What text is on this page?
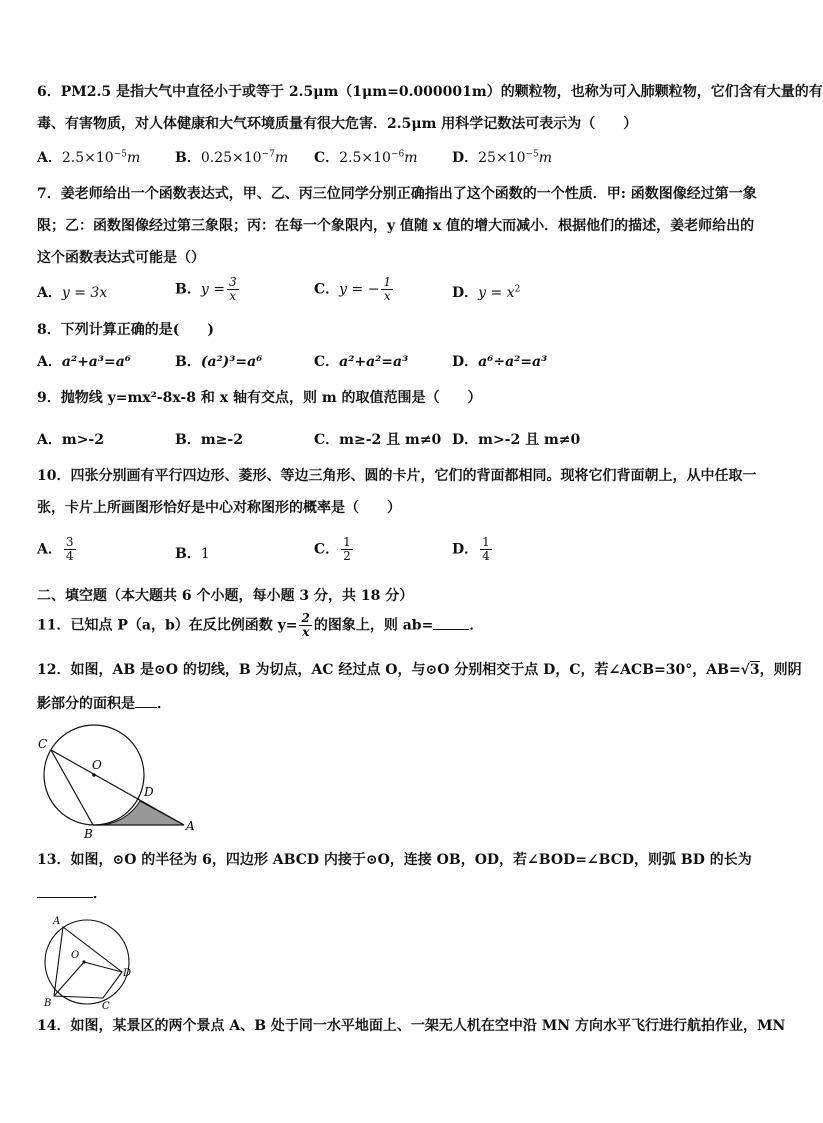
6．PM2.5 是指大气中直径小于或等于 2.5μm（1μm=0.000001m）的颗粒物，也称为可入肺颗粒物，它们含有大量的有
毒、有害物质，对人体健康和大气环境质量有很大危害．2.5μm 用科学记数法可表示为（　　）
A．$2.5\times 10^{-5}m$ B．$0.25\times 10^{-7}m$ C．$2.5\times 10^{-6}m$ D．$25\times 10^{-5}m$
7．姜老师给出一个函数表达式，甲、乙、丙三位同学分别正确指出了这个函数的一个性质．甲: 函数图像经过第一象
限；乙：函数图像经过第三象限；丙：在每一个象限内，y 值随 x 值的增大而减小．根据他们的描述，姜老师给出的
这个函数表达式可能是（）
A．y = 3x	B．$y = \frac{3}{x}$	C．y = − $\frac{1}{x}$	D．$y = x^2$
8．下列计算正确的是(　　)
A．a²+a³=a⁶	B．(a²)³=a⁶	C．a²+a²=a³	D．a⁶÷a²=a³
9．抛物线 y=mx²-8x-8 和 x 轴有交点，则 m 的取值范围是（　　）
A．m>-2	B．m≥-2	C．m≥-2 且 m≠0 D．m>-2 且 m≠0
10．四张分别画有平行四边形、菱形、等边三角形、圆的卡片，它们的背面都相同。现将它们背面朝上，从中任取一
张，卡片上所画图形恰好是中心对称图形的概率是（　　）
A． $\frac{3}{4}$	B．1	C． $\frac{1}{2}$	D． $\frac{1}{4}$
二、填空题（本大题共 6 个小题，每小题 3 分，共 18 分）
11．已知点 P（a，b）在反比例函数 $y= \frac{2}{x}$ 的图象上，则 ab=	．
12．如图，AB 是⊙O 的切线，B 为切点，AC 经过点 O，与⊙O 分别相交于点 D，C，若∠ACB=30°，AB=√3，则阴
影部分的面积是 ．
C
O
D
B
A
13．如图，⊙O 的半径为 6，四边形 ABCD 内接于⊙O，连接 OB，OD，若∠BOD=∠BCD，则弧 BD 的长为
．
A
O
D
B	C
14．如图，某景区的两个景点 A、B 处于同一水平地面上、一架无人机在空中沿 MN 方向水平飞行进行航拍作业，MN
